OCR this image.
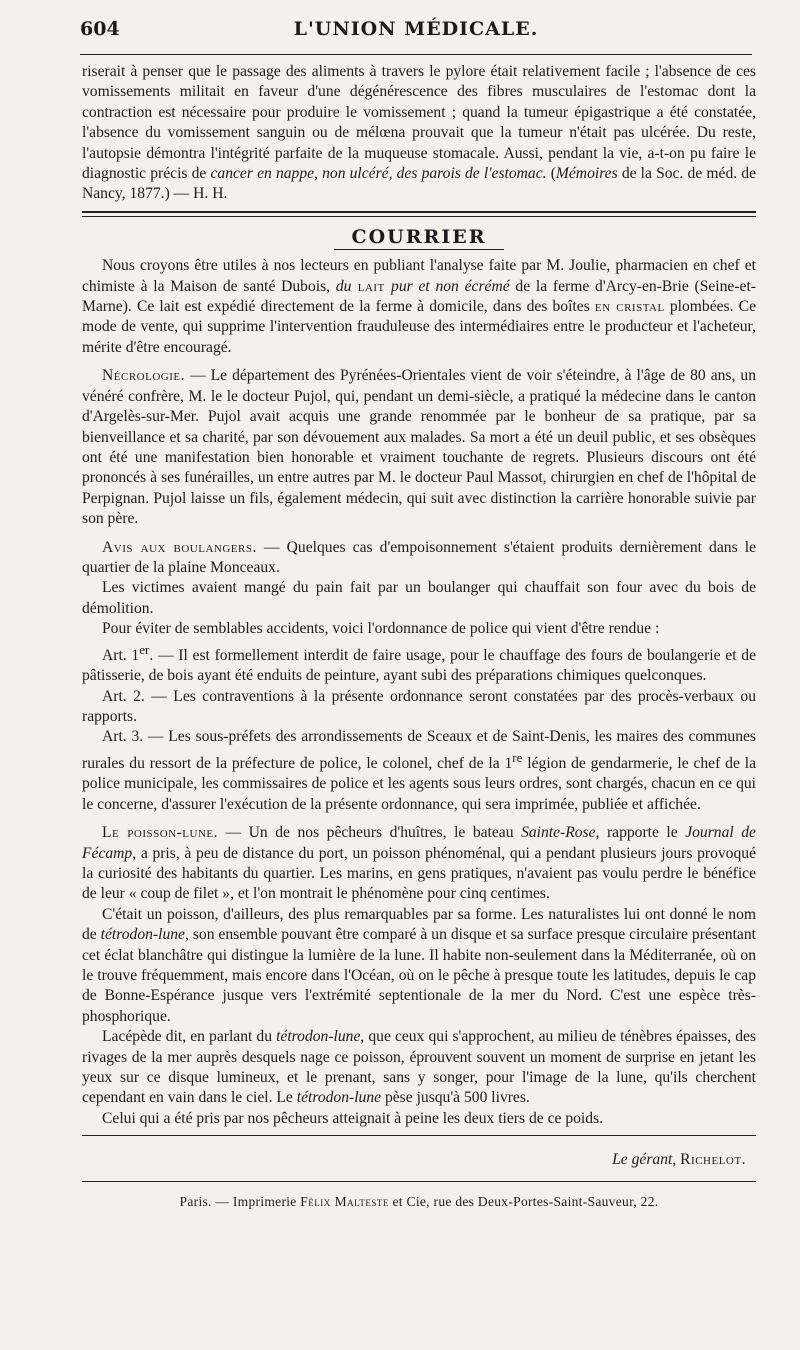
604	L'UNION MÉDICALE.

riserait à penser que le passage des aliments à travers le pylore était relativement facile ; l'absence de ces vomissements militait en faveur d'une dégénérescence des fibres musculaires de l'estomac dont la contraction est nécessaire pour produire le vomissement ; quand la tumeur épigastrique a été constatée, l'absence du vomissement sanguin ou de mélœna prouvait que la tumeur n'était pas ulcérée. Du reste, l'autopsie démontra l'intégrité parfaite de la muqueuse stomacale. Aussi, pendant la vie, a-t-on pu faire le diagnostic précis de cancer en nappe, non ulcéré, des parois de l'estomac. (Mémoires de la Soc. de méd. de Nancy, 1877.) — H. H.

COURRIER

Nous croyons être utiles à nos lecteurs en publiant l'analyse faite par M. Joulie, pharmacien en chef et chimiste à la Maison de santé Dubois, du lait pur et non écrémé de la ferme d'Arcy-en-Brie (Seine-et-Marne). Ce lait est expédié directement de la ferme à domicile, dans des boîtes en cristal plombées. Ce mode de vente, qui supprime l'intervention frauduleuse des intermédiaires entre le producteur et l'acheteur, mérite d'être encouragé.

Nécrologie. — Le département des Pyrénées-Orientales vient de voir s'éteindre, à l'âge de 80 ans, un vénéré confrère, M. le le docteur Pujol, qui, pendant un demi-siècle, a pratiqué la médecine dans le canton d'Argelès-sur-Mer. Pujol avait acquis une grande renommée par le bonheur de sa pratique, par sa bienveillance et sa charité, par son dévouement aux malades. Sa mort a été un deuil public, et ses obsèques ont été une manifestation bien honorable et vraiment touchante de regrets. Plusieurs discours ont été prononcés à ses funérailles, un entre autres par M. le docteur Paul Massot, chirurgien en chef de l'hôpital de Perpignan. Pujol laisse un fils, également médecin, qui suit avec distinction la carrière honorable suivie par son père.

Avis aux boulangers. — Quelques cas d'empoisonnement s'étaient produits dernièrement dans le quartier de la plaine Monceaux.

Les victimes avaient mangé du pain fait par un boulanger qui chauffait son four avec du bois de démolition.

Pour éviter de semblables accidents, voici l'ordonnance de police qui vient d'être rendue :

Art. 1er. — Il est formellement interdit de faire usage, pour le chauffage des fours de boulangerie et de pâtisserie, de bois ayant été enduits de peinture, ayant subi des préparations chimiques quelconques.

Art. 2. — Les contraventions à la présente ordonnance seront constatées par des procès-verbaux ou rapports.

Art. 3. — Les sous-préfets des arrondissements de Sceaux et de Saint-Denis, les maires des communes rurales du ressort de la préfecture de police, le colonel, chef de la 1re légion de gendarmerie, le chef de la police municipale, les commissaires de police et les agents sous leurs ordres, sont chargés, chacun en ce qui le concerne, d'assurer l'exécution de la présente ordonnance, qui sera imprimée, publiée et affichée.

Le poisson-lune. — Un de nos pêcheurs d'huîtres, le bateau Sainte-Rose, rapporte le Journal de Fécamp, a pris, à peu de distance du port, un poisson phénoménal, qui a pendant plusieurs jours provoqué la curiosité des habitants du quartier. Les marins, en gens pratiques, n'avaient pas voulu perdre le bénéfice de leur « coup de filet », et l'on montrait le phénomène pour cinq centimes.

C'était un poisson, d'ailleurs, des plus remarquables par sa forme. Les naturalistes lui ont donné le nom de tétrodon-lune, son ensemble pouvant être comparé à un disque et sa surface presque circulaire présentant cet éclat blanchâtre qui distingue la lumière de la lune. Il habite non-seulement dans la Méditerranée, où on le trouve fréquemment, mais encore dans l'Océan, où on le pêche à presque toute les latitudes, depuis le cap de Bonne-Espérance jusque vers l'extrémité septentionale de la mer du Nord. C'est une espèce très-phosphorique.

Lacépède dit, en parlant du tétrodon-lune, que ceux qui s'approchent, au milieu de ténèbres épaisses, des rivages de la mer auprès desquels nage ce poisson, éprouvent souvent un moment de surprise en jetant les yeux sur ce disque lumineux, et le prenant, sans y songer, pour l'image de la lune, qu'ils cherchent cependant en vain dans le ciel. Le tétrodon-lune pèse jusqu'à 500 livres.

Celui qui a été pris par nos pêcheurs atteignait à peine les deux tiers de ce poids.

Le gérant, Richelot.
Paris. — Imprimerie Félix Malteste et Cie, rue des Deux-Portes-Saint-Sauveur, 22.
